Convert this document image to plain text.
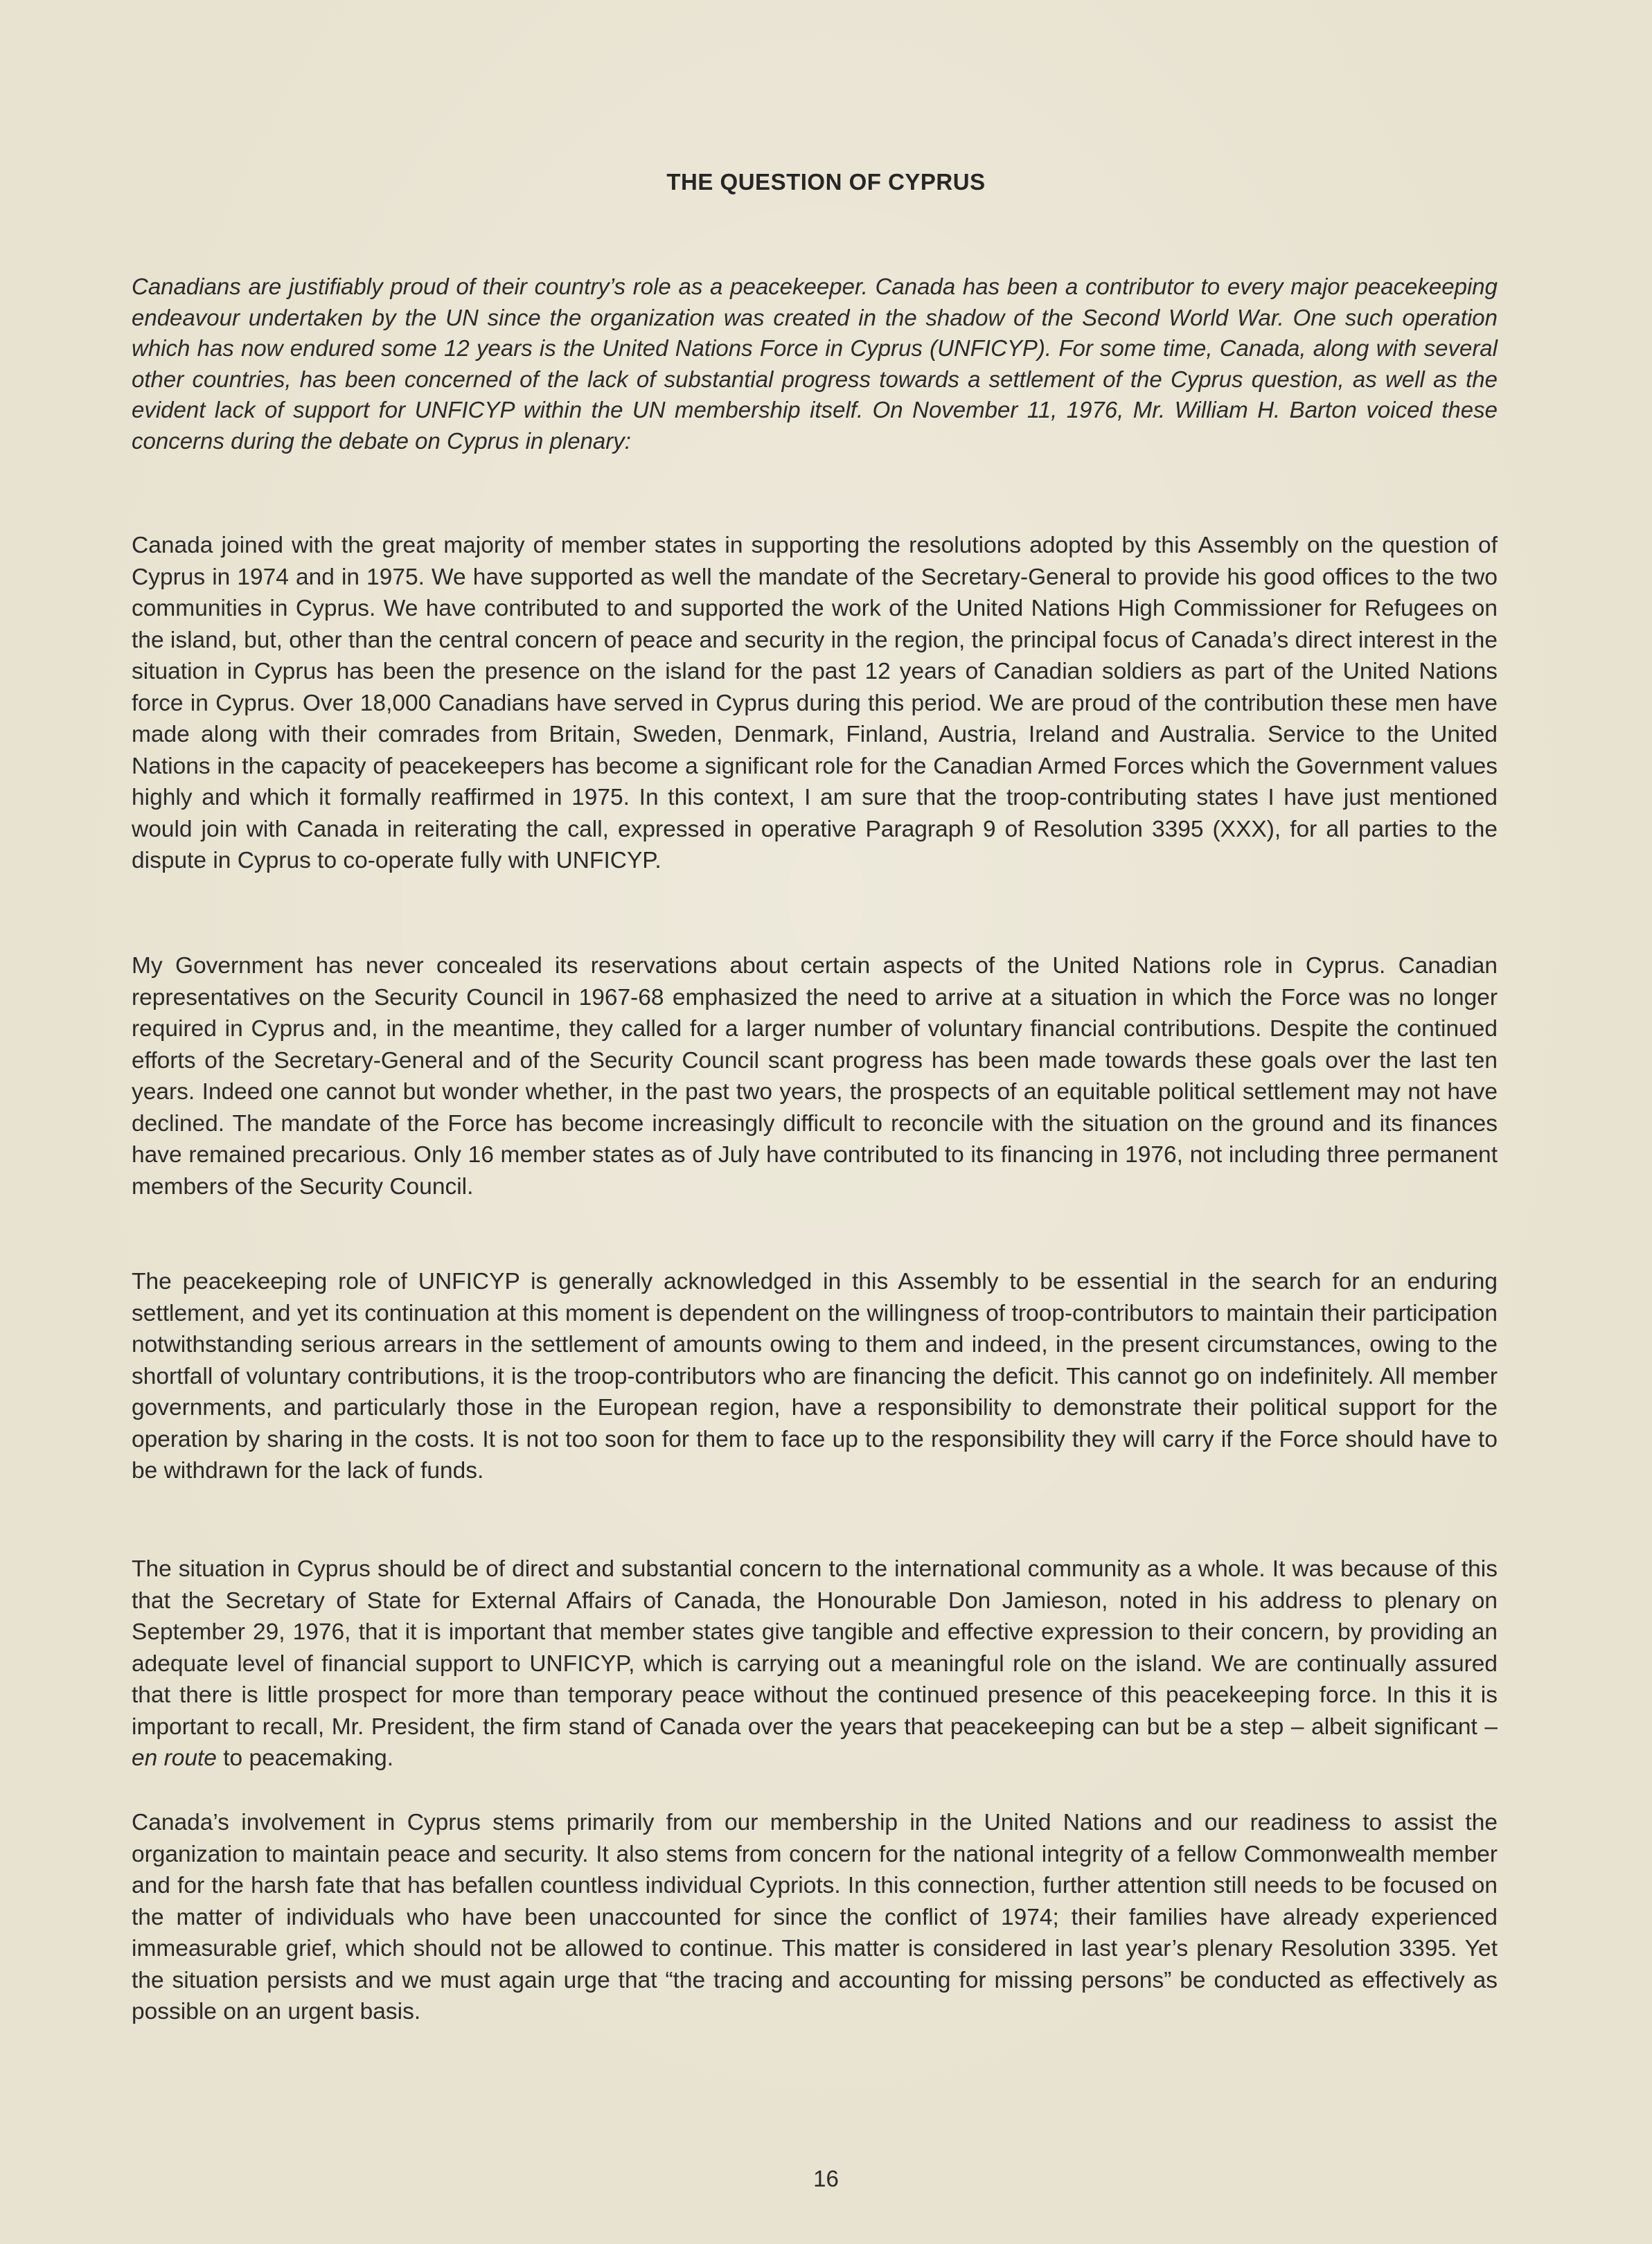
THE QUESTION OF CYPRUS
Canadians are justifiably proud of their country’s role as a peacekeeper. Canada has been a contributor to every major peacekeeping endeavour undertaken by the UN since the organization was created in the shadow of the Second World War. One such operation which has now endured some 12 years is the United Nations Force in Cyprus (UNFICYP). For some time, Canada, along with several other countries, has been concerned of the lack of substantial progress towards a settlement of the Cyprus question, as well as the evident lack of support for UNFICYP within the UN membership itself. On November 11, 1976, Mr. William H. Barton voiced these concerns during the debate on Cyprus in plenary:
Canada joined with the great majority of member states in supporting the resolutions adopted by this Assembly on the question of Cyprus in 1974 and in 1975. We have supported as well the mandate of the Secretary-General to provide his good offices to the two communities in Cyprus. We have contributed to and supported the work of the United Nations High Commissioner for Refugees on the island, but, other than the central concern of peace and security in the region, the principal focus of Canada’s direct interest in the situation in Cyprus has been the presence on the island for the past 12 years of Canadian soldiers as part of the United Nations force in Cyprus. Over 18,000 Canadians have served in Cyprus during this period. We are proud of the contribution these men have made along with their comrades from Britain, Sweden, Denmark, Finland, Austria, Ireland and Australia. Service to the United Nations in the capacity of peacekeepers has become a significant role for the Canadian Armed Forces which the Government values highly and which it formally reaffirmed in 1975. In this context, I am sure that the troop-contributing states I have just mentioned would join with Canada in reiterating the call, expressed in operative Paragraph 9 of Resolution 3395 (XXX), for all parties to the dispute in Cyprus to co-operate fully with UNFICYP.
My Government has never concealed its reservations about certain aspects of the United Nations role in Cyprus. Canadian representatives on the Security Council in 1967-68 emphasized the need to arrive at a situation in which the Force was no longer required in Cyprus and, in the meantime, they called for a larger number of voluntary financial contributions. Despite the continued efforts of the Secretary-General and of the Security Council scant progress has been made towards these goals over the last ten years. Indeed one cannot but wonder whether, in the past two years, the prospects of an equitable political settlement may not have declined. The mandate of the Force has become increasingly difficult to reconcile with the situation on the ground and its finances have remained precarious. Only 16 member states as of July have contributed to its financing in 1976, not including three permanent members of the Security Council.
The peacekeeping role of UNFICYP is generally acknowledged in this Assembly to be essential in the search for an enduring settlement, and yet its continuation at this moment is dependent on the willingness of troop-contributors to maintain their participation notwithstanding serious arrears in the settlement of amounts owing to them and indeed, in the present circumstances, owing to the shortfall of voluntary contributions, it is the troop-contributors who are financing the deficit. This cannot go on indefinitely. All member governments, and particularly those in the European region, have a responsibility to demonstrate their political support for the operation by sharing in the costs. It is not too soon for them to face up to the responsibility they will carry if the Force should have to be withdrawn for the lack of funds.
The situation in Cyprus should be of direct and substantial concern to the international community as a whole. It was because of this that the Secretary of State for External Affairs of Canada, the Honourable Don Jamieson, noted in his address to plenary on September 29, 1976, that it is important that member states give tangible and effective expression to their concern, by providing an adequate level of financial support to UNFICYP, which is carrying out a meaningful role on the island. We are continually assured that there is little prospect for more than temporary peace without the continued presence of this peacekeeping force. In this it is important to recall, Mr. President, the firm stand of Canada over the years that peacekeeping can but be a step – albeit significant – en route to peacemaking.
Canada’s involvement in Cyprus stems primarily from our membership in the United Nations and our readiness to assist the organization to maintain peace and security. It also stems from concern for the national integrity of a fellow Commonwealth member and for the harsh fate that has befallen countless individual Cypriots. In this connection, further attention still needs to be focused on the matter of individuals who have been unaccounted for since the conflict of 1974; their families have already experienced immeasurable grief, which should not be allowed to continue. This matter is considered in last year’s plenary Resolution 3395. Yet the situation persists and we must again urge that “the tracing and accounting for missing persons” be conducted as effectively as possible on an urgent basis.
16
